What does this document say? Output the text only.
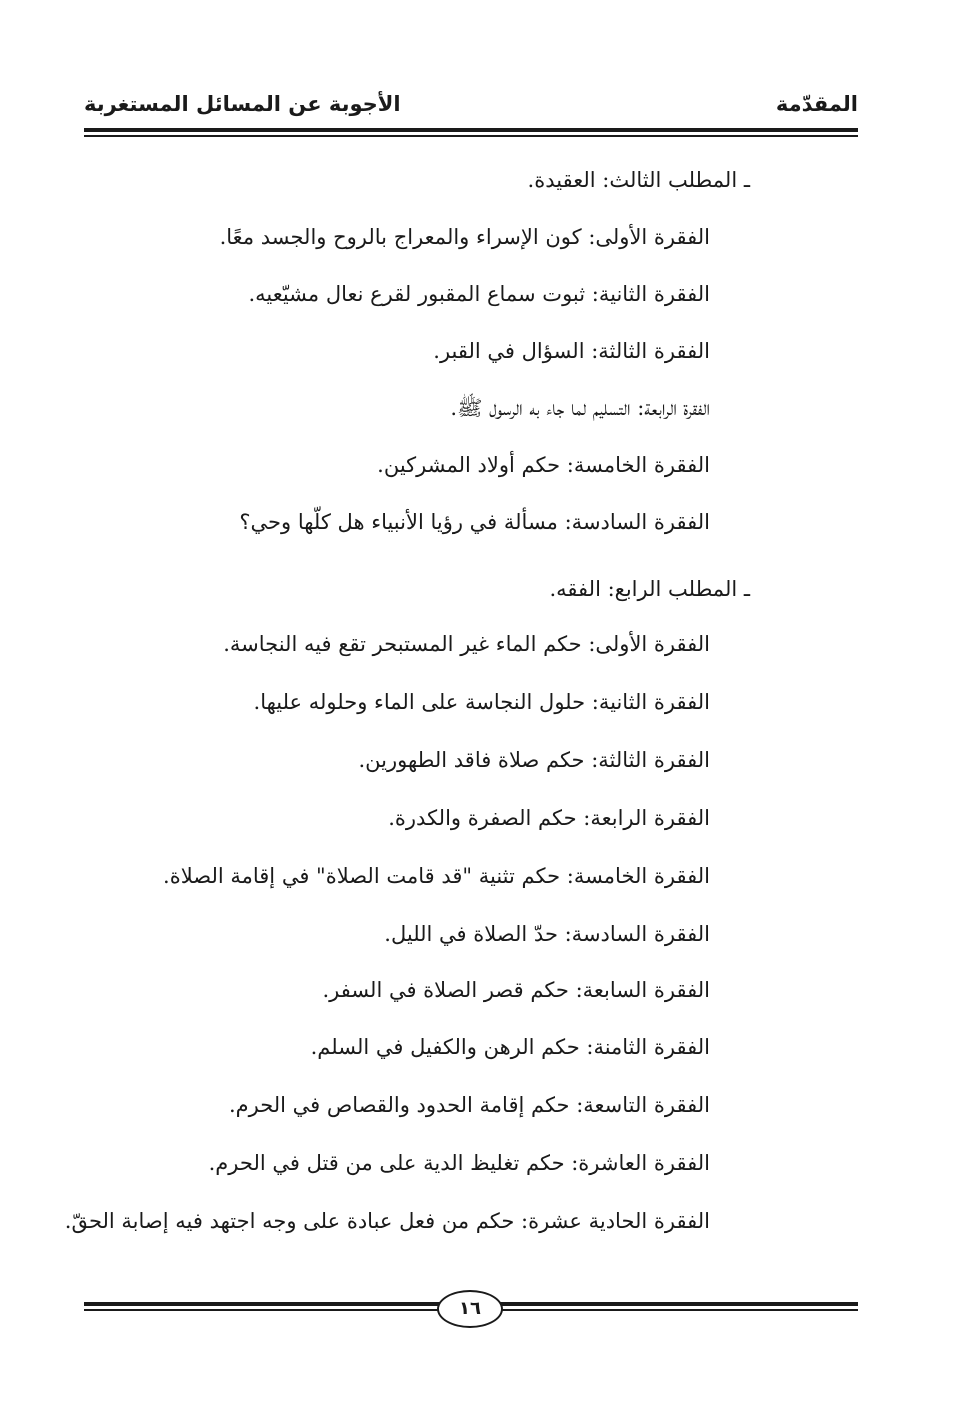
المقدّمة
الأجوبة عن المسائل المستغربة
ـ المطلب الثالث: العقيدة.
الفقرة الأولى: كون الإسراء والمعراج بالروح والجسد معًا.
الفقرة الثانية: ثبوت سماع المقبور لقرع نعال مشيّعيه.
الفقرة الثالثة: السؤال في القبر.
الفقرة الرابعة: التسليم لما جاء به الرسول ﷺ.
الفقرة الخامسة: حكم أولاد المشركين.
الفقرة السادسة: مسألة في رؤيا الأنبياء هل كلّها وحي؟
ـ المطلب الرابع: الفقه.
الفقرة الأولى: حكم الماء غير المستبحر تقع فيه النجاسة.
الفقرة الثانية: حلول النجاسة على الماء وحلوله عليها.
الفقرة الثالثة: حكم صلاة فاقد الطهورين.
الفقرة الرابعة: حكم الصفرة والكدرة.
الفقرة الخامسة: حكم تثنية "قد قامت الصلاة" في إقامة الصلاة.
الفقرة السادسة: حدّ الصلاة في الليل.
الفقرة السابعة: حكم قصر الصلاة في السفر.
الفقرة الثامنة: حكم الرهن والكفيل في السلم.
الفقرة التاسعة: حكم إقامة الحدود والقصاص في الحرم.
الفقرة العاشرة: حكم تغليظ الدية على من قتل في الحرم.
الفقرة الحادية عشرة: حكم من فعل عبادة على وجه اجتهد فيه إصابة الحقّ.
١٦
